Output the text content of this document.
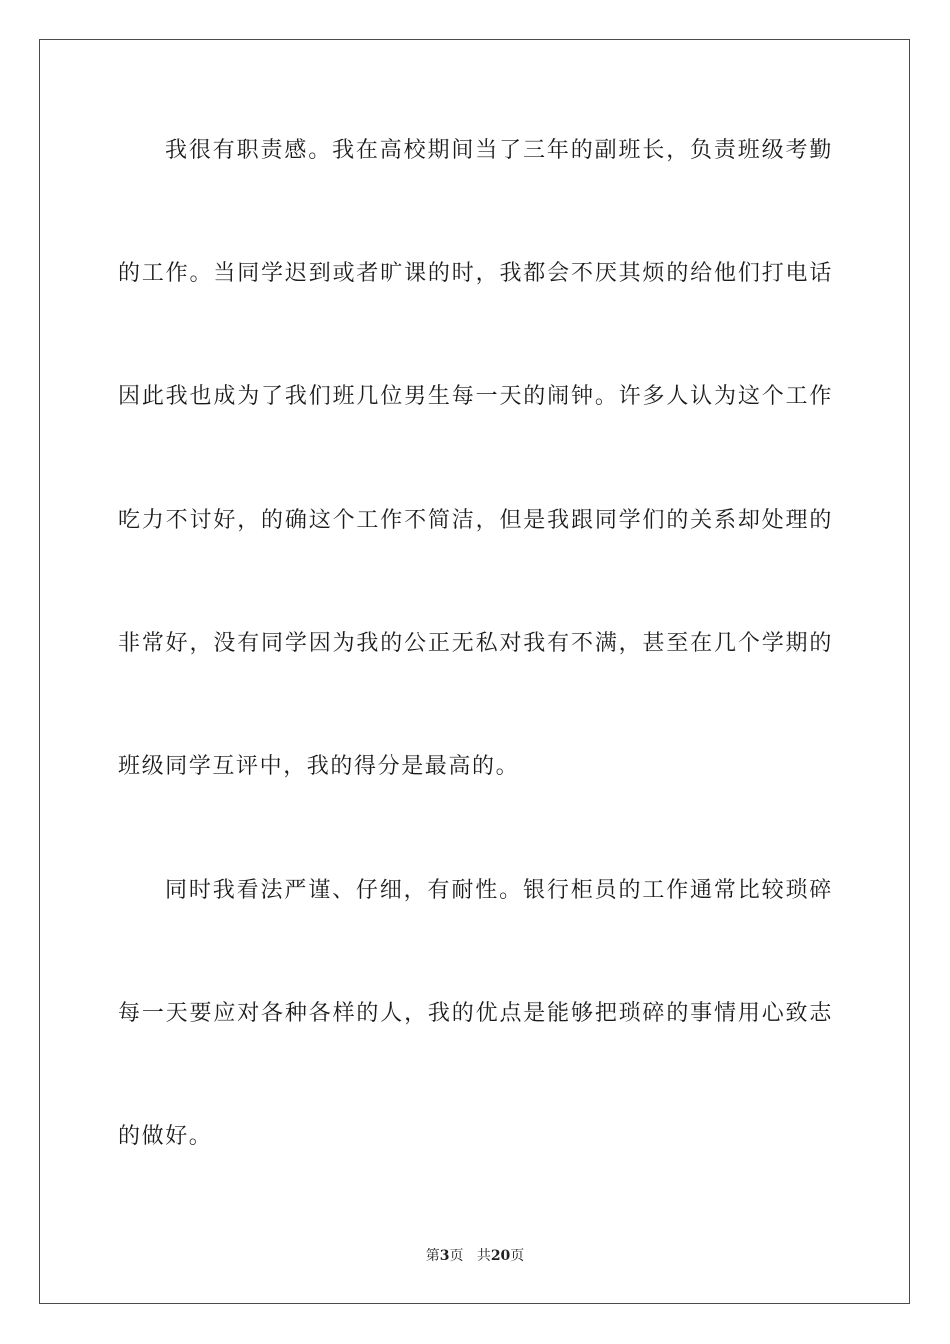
我很有职责感。我在高校期间当了三年的副班长，负责班级考勤
的工作。当同学迟到或者旷课的时，我都会不厌其烦的给他们打电话
因此我也成为了我们班几位男生每一天的闹钟。许多人认为这个工作
吃力不讨好，的确这个工作不简洁，但是我跟同学们的关系却处理的
非常好，没有同学因为我的公正无私对我有不满，甚至在几个学期的
班级同学互评中，我的得分是最高的。
同时我看法严谨、仔细，有耐性。银行柜员的工作通常比较琐碎
每一天要应对各种各样的人，我的优点是能够把琐碎的事情用心致志
的做好。
第3页 共20页
